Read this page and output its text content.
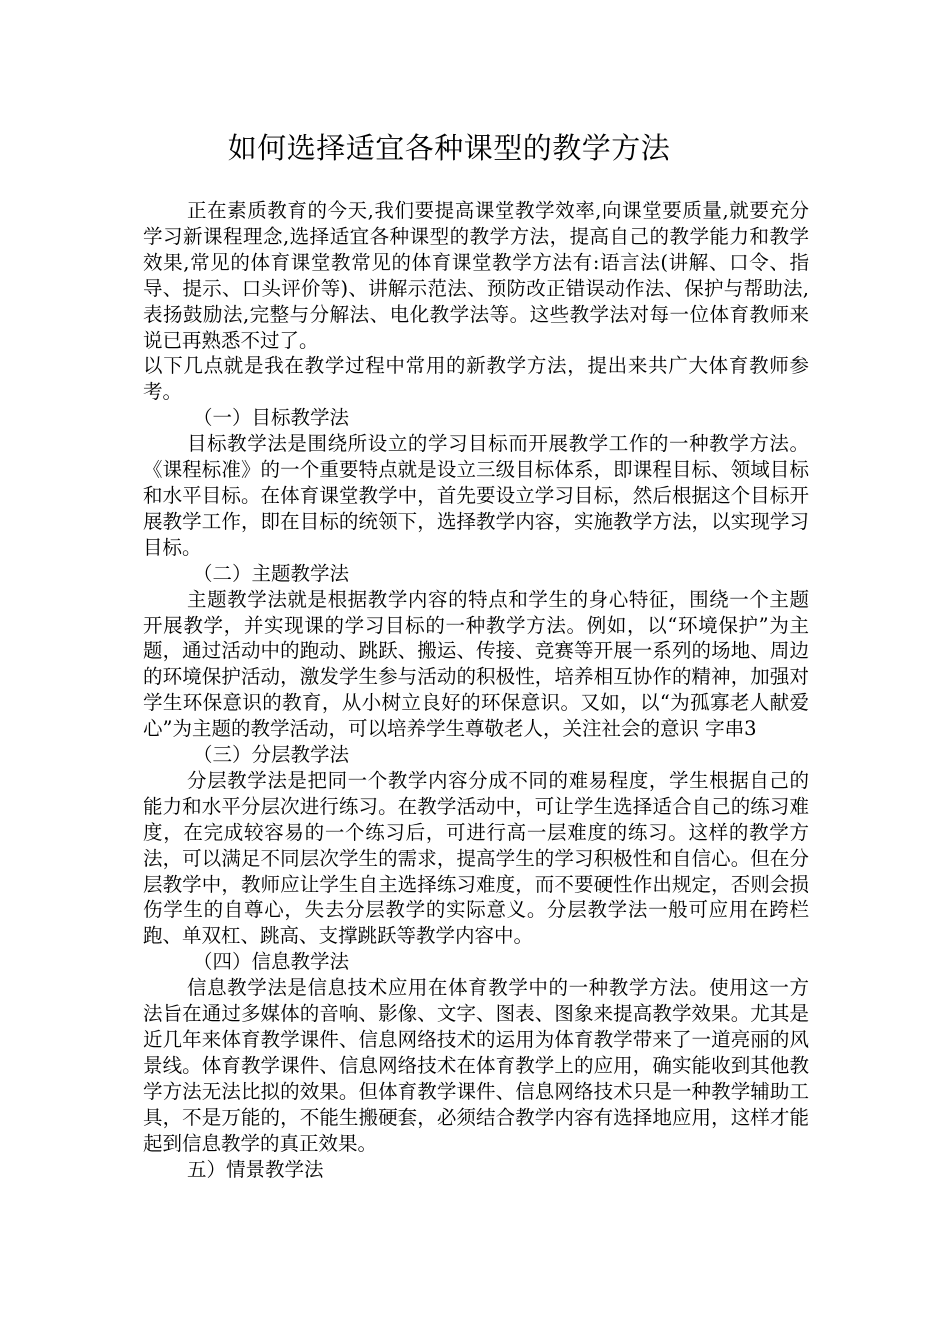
如何选择适宜各种课型的教学方法

正在素质教育的今天,我们要提高课堂教学效率,向课堂要质量,就要充分学习新课程理念,选择适宜各种课型的教学方法，提高自己的教学能力和教学效果,常见的体育课堂教常见的体育课堂教学方法有:语言法(讲解、口令、指导、提示、口头评价等)、讲解示范法、预防改正错误动作法、保护与帮助法,表扬鼓励法,完整与分解法、电化教学法等。这些教学法对每一位体育教师来说已再熟悉不过了。

以下几点就是我在教学过程中常用的新教学方法，提出来共广大体育教师参考。

（一）目标教学法

目标教学法是围绕所设立的学习目标而开展教学工作的一种教学方法。《课程标准》的一个重要特点就是设立三级目标体系，即课程目标、领域目标和水平目标。在体育课堂教学中，首先要设立学习目标，然后根据这个目标开展教学工作，即在目标的统领下，选择教学内容，实施教学方法，以实现学习目标。

（二）主题教学法

主题教学法就是根据教学内容的特点和学生的身心特征，围绕一个主题开展教学，并实现课的学习目标的一种教学方法。例如，以“环境保护”为主题，通过活动中的跑动、跳跃、搬运、传接、竞赛等开展一系列的场地、周边的环境保护活动，激发学生参与活动的积极性，培养相互协作的精神，加强对学生环保意识的教育，从小树立良好的环保意识。又如，以“为孤寡老人献爱心”为主题的教学活动，可以培养学生尊敬老人，关注社会的意识 字串3

（三）分层教学法

分层教学法是把同一个教学内容分成不同的难易程度，学生根据自己的能力和水平分层次进行练习。在教学活动中，可让学生选择适合自己的练习难度，在完成较容易的一个练习后，可进行高一层难度的练习。这样的教学方法，可以满足不同层次学生的需求，提高学生的学习积极性和自信心。但在分层教学中，教师应让学生自主选择练习难度，而不要硬性作出规定，否则会损伤学生的自尊心，失去分层教学的实际意义。分层教学法一般可应用在跨栏跑、单双杠、跳高、支撑跳跃等教学内容中。

（四）信息教学法

信息教学法是信息技术应用在体育教学中的一种教学方法。使用这一方法旨在通过多媒体的音响、影像、文字、图表、图象来提高教学效果。尤其是近几年来体育教学课件、信息网络技术的运用为体育教学带来了一道亮丽的风景线。体育教学课件、信息网络技术在体育教学上的应用，确实能收到其他教学方法无法比拟的效果。但体育教学课件、信息网络技术只是一种教学辅助工具，不是万能的，不能生搬硬套，必须结合教学内容有选择地应用，这样才能起到信息教学的真正效果。

五）情景教学法
